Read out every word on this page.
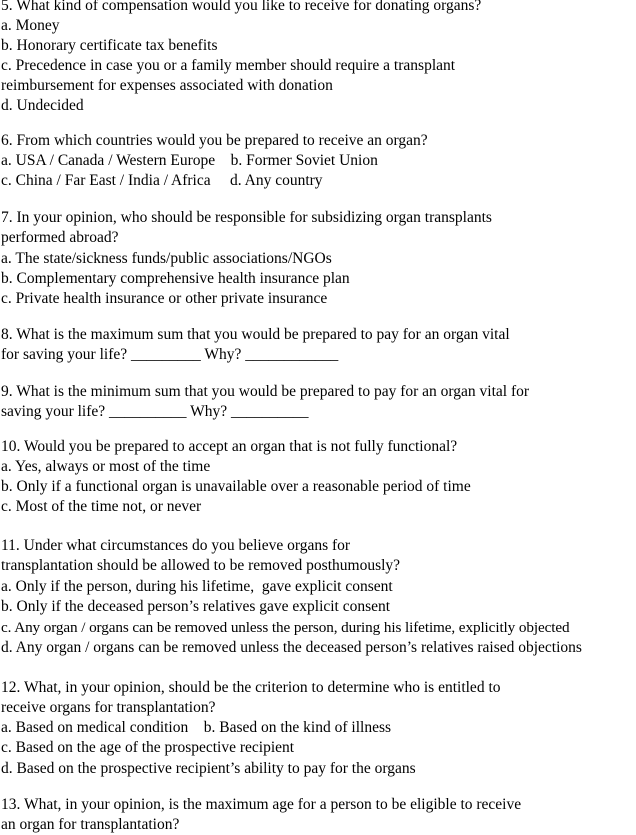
5. What kind of compensation would you like to receive for donating organs?
a. Money
b. Honorary certificate tax benefits
c. Precedence in case you or a family member should require a transplant
reimbursement for expenses associated with donation
d. Undecided
6. From which countries would you be prepared to receive an organ?
a. USA / Canada / Western Europe    b. Former Soviet Union
c. China / Far East / India / Africa     d. Any country
7. In your opinion, who should be responsible for subsidizing organ transplants
performed abroad?
a. The state/sickness funds/public associations/NGOs
b. Complementary comprehensive health insurance plan
c. Private health insurance or other private insurance
8. What is the maximum sum that you would be prepared to pay for an organ vital
for saving your life? _________ Why? ____________
9. What is the minimum sum that you would be prepared to pay for an organ vital for
saving your life? __________ Why? __________
10. Would you be prepared to accept an organ that is not fully functional?
a. Yes, always or most of the time
b. Only if a functional organ is unavailable over a reasonable period of time
c. Most of the time not, or never
11. Under what circumstances do you believe organs for
transplantation should be allowed to be removed posthumously?
a. Only if the person, during his lifetime,  gave explicit consent
b. Only if the deceased person’s relatives gave explicit consent
c. Any organ / organs can be removed unless the person, during his lifetime, explicitly objected
d. Any organ / organs can be removed unless the deceased person’s relatives raised objections
12. What, in your opinion, should be the criterion to determine who is entitled to
receive organs for transplantation?
a. Based on medical condition    b. Based on the kind of illness
c. Based on the age of the prospective recipient
d. Based on the prospective recipient’s ability to pay for the organs
13. What, in your opinion, is the maximum age for a person to be eligible to receive
an organ for transplantation?
